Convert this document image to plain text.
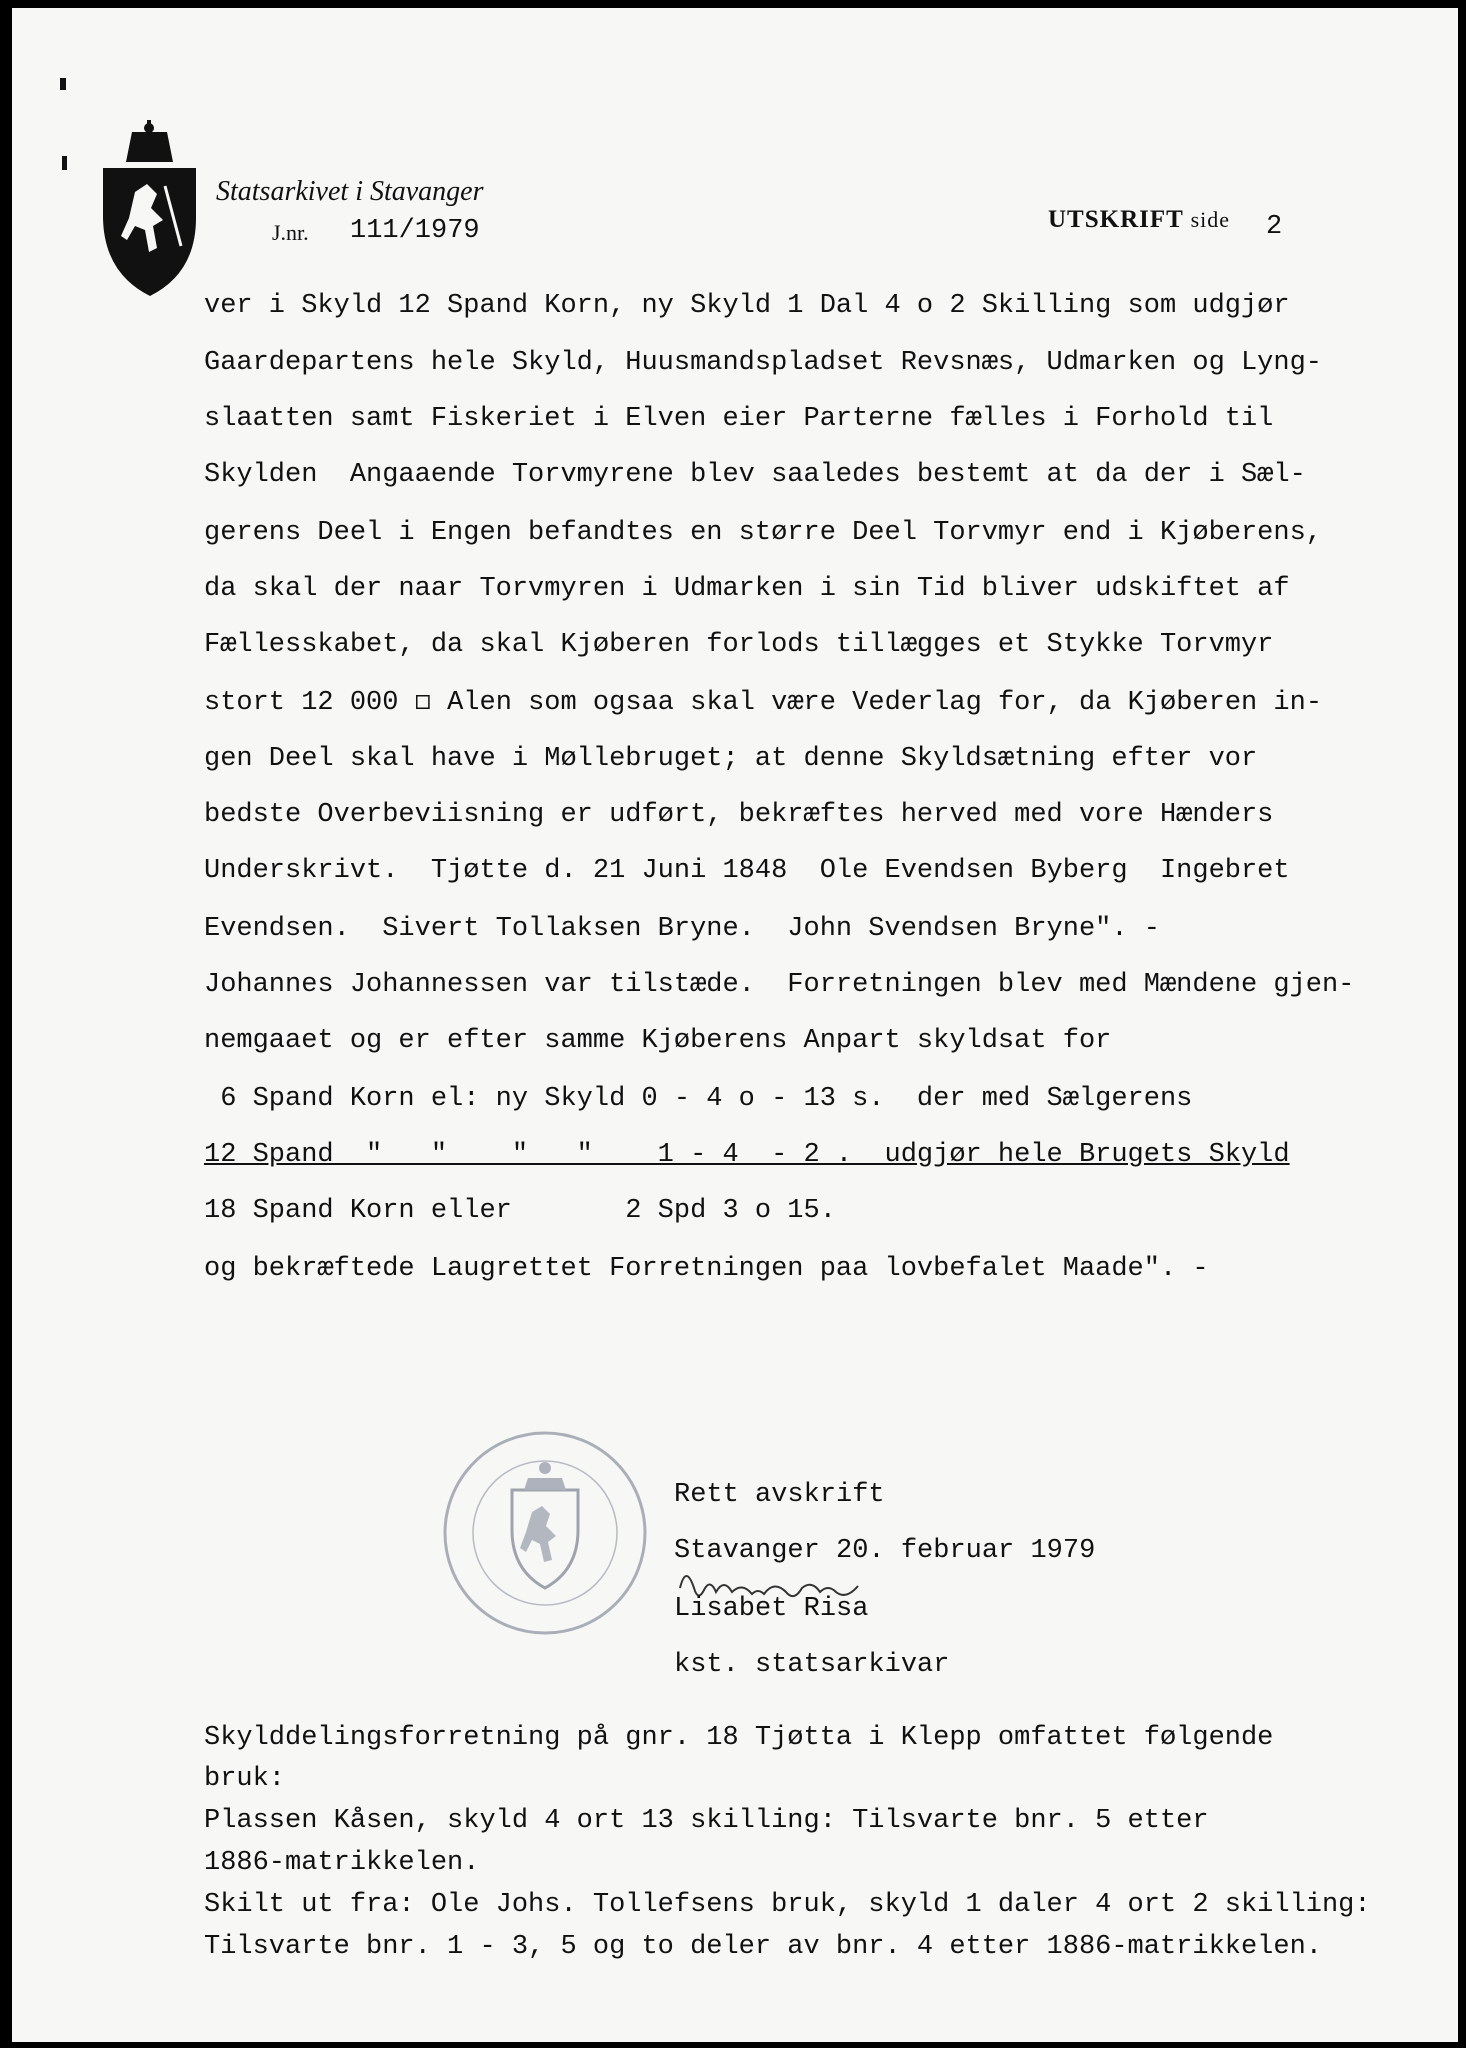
Statsarkivet i Stavanger
J.nr. 111/1979	UTSKRIFT side 2
ver i Skyld 12 Spand Korn, ny Skyld 1 Dal 4 o 2 Skilling som udgjør
Gaardepartens hele Skyld, Huusmandspladset Revsnæs, Udmarken og Lyng-
slaatten samt Fiskeriet i Elven eier Parterne fælles i Forhold til
Skylden  Angaaende Torvmyrene blev saaledes bestemt at da der i Sæl-
gerens Deel i Engen befandtes en større Deel Torvmyr end i Kjøberens,
da skal der naar Torvmyren i Udmarken i sin Tid bliver udskiftet af
Fællesskabet, da skal Kjøberen forlods tillægges et Stykke Torvmyr
stort 12 000 ◻ Alen som ogsaa skal være Vederlag for, da Kjøberen in-
gen Deel skal have i Møllebruget; at denne Skyldsætning efter vor
bedste Overbeviisning er udført, bekræftes herved med vore Hænders
Underskrivt.  Tjøtte d. 21 Juni 1848  Ole Evendsen Byberg  Ingebret
Evendsen.  Sivert Tollaksen Bryne.  John Svendsen Bryne". -
Johannes Johannessen var tilstæde.  Forretningen blev med Mændene gjen-
nemgaaet og er efter samme Kjøberens Anpart skyldsat for
6 Spand Korn el: ny Skyld 0 - 4 o - 13 s.  der med Sælgerens
12 Spand  "   "    "   "    1 - 4  - 2 .  udgjør hele Brugets Skyld
18 Spand Korn eller       2 Spd 3 o 15.
og bekræftede Laugrettet Forretningen paa lovbefalet Maade". -
Rett avskrift
Stavanger 20. februar 1979
Lisabet Risa
kst. statsarkivar
Skylddelingsforretning på gnr. 18 Tjøtta i Klepp omfattet følgende
bruk:
Plassen Kåsen, skyld 4 ort 13 skilling: Tilsvarte bnr. 5 etter
1886-matrikkelen.
Skilt ut fra: Ole Johs. Tollefsens bruk, skyld 1 daler 4 ort 2 skilling:
Tilsvarte bnr. 1 - 3, 5 og to deler av bnr. 4 etter 1886-matrikkelen.
